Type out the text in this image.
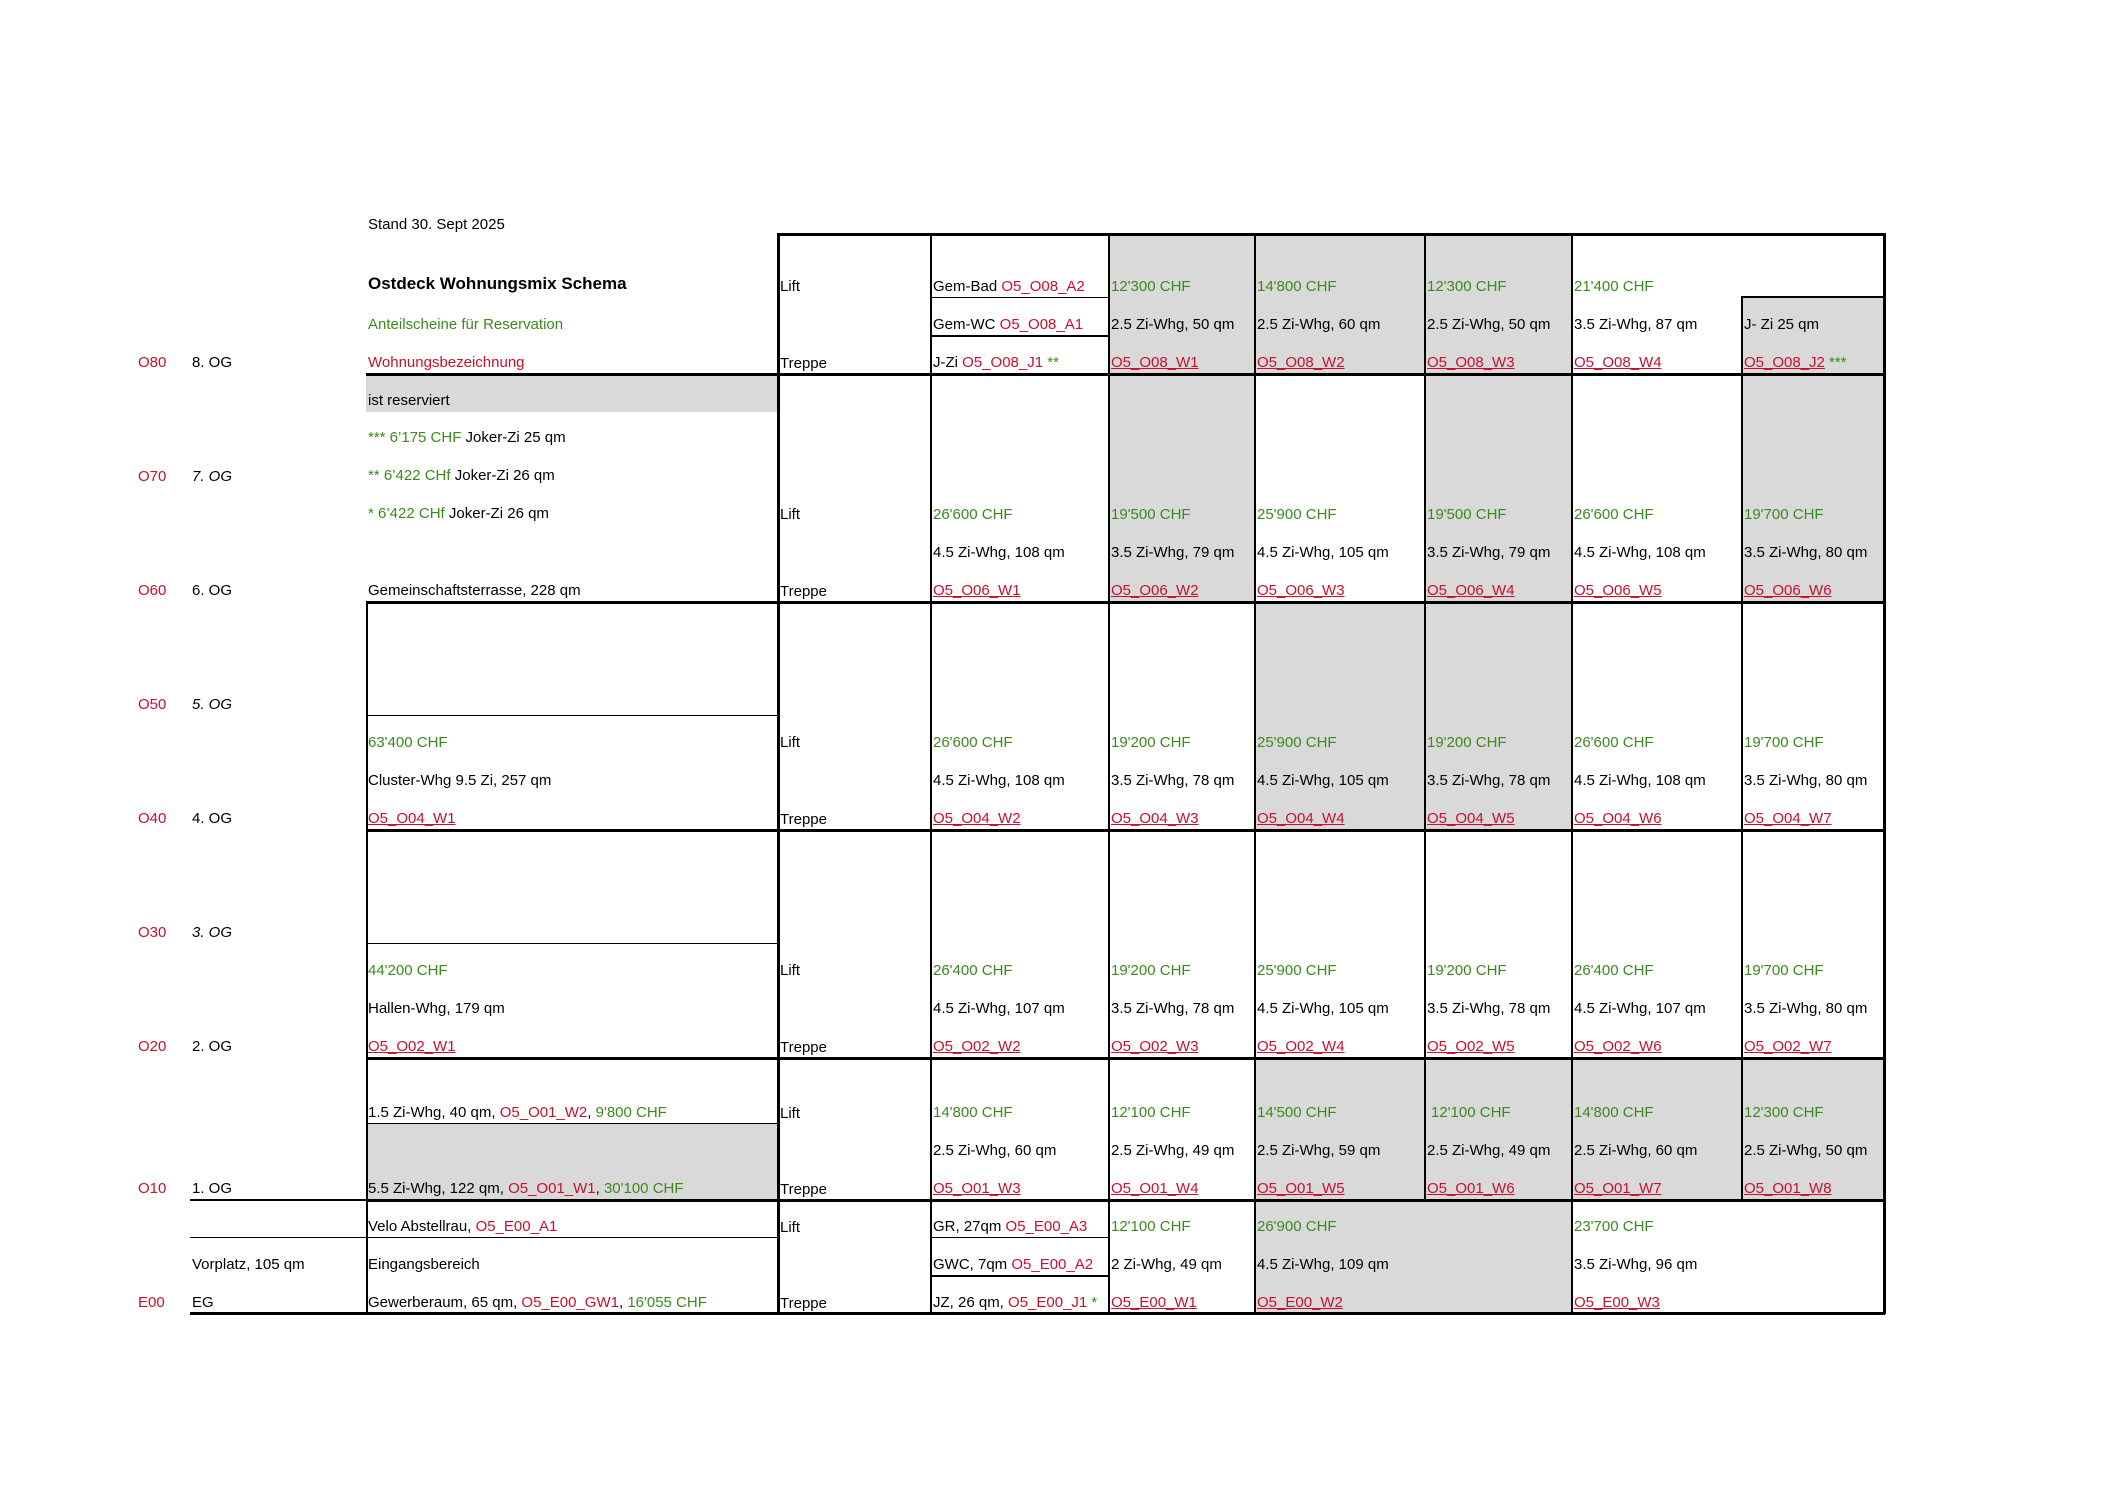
Stand 30. Sept 2025
Ostdeck Wohnungsmix Schema
Anteilscheine für Reservation
Wohnungsbezeichnung
ist reserviert
*** 6’175 CHF Joker-Zi 25 qm
** 6’422 CHf Joker-Zi 26 qm
* 6’422 CHf Joker-Zi 26 qm
Gemeinschaftsterrasse, 228 qm
O80 8. OG
O70 7. OG
O60 6. OG
O50 5. OG
O40 4. OG
O30 3. OG
O20 2. OG
O10 1. OG
E00 EG
Lift
Treppe
Lift
Treppe
Lift
Treppe
Lift
Treppe
Lift
Treppe
Lift
Treppe
Gem-Bad O5_O08_A2
Gem-WC O5_O08_A1
J-Zi O5_O08_J1 **
12'300 CHF
2.5 Zi-Whg, 50 qm
O5_O08_W1
14'800 CHF
2.5 Zi-Whg, 60 qm
O5_O08_W2
12'300 CHF
2.5 Zi-Whg, 50 qm
O5_O08_W3
21'400 CHF
3.5 Zi-Whg, 87 qm
O5_O08_W4
J- Zi 25 qm
O5_O08_J2 ***
26'600 CHF
4.5 Zi-Whg, 108 qm
O5_O06_W1
19'500 CHF
3.5 Zi-Whg, 79 qm
O5_O06_W2
25'900 CHF
4.5 Zi-Whg, 105 qm
O5_O06_W3
19'500 CHF
3.5 Zi-Whg, 79 qm
O5_O06_W4
26'600 CHF
4.5 Zi-Whg, 108 qm
O5_O06_W5
19'700 CHF
3.5 Zi-Whg, 80 qm
O5_O06_W6
63'400 CHF
Cluster-Whg 9.5 Zi, 257 qm
O5_O04_W1
26'600 CHF
4.5 Zi-Whg, 108 qm
O5_O04_W2
19'200 CHF
3.5 Zi-Whg, 78 qm
O5_O04_W3
25'900 CHF
4.5 Zi-Whg, 105 qm
O5_O04_W4
19'200 CHF
3.5 Zi-Whg, 78 qm
O5_O04_W5
26'600 CHF
4.5 Zi-Whg, 108 qm
O5_O04_W6
19'700 CHF
3.5 Zi-Whg, 80 qm
O5_O04_W7
44'200 CHF
Hallen-Whg, 179 qm
O5_O02_W1
26'400 CHF
4.5 Zi-Whg, 107 qm
O5_O02_W2
19'200 CHF
3.5 Zi-Whg, 78 qm
O5_O02_W3
25'900 CHF
4.5 Zi-Whg, 105 qm
O5_O02_W4
19'200 CHF
3.5 Zi-Whg, 78 qm
O5_O02_W5
26'400 CHF
4.5 Zi-Whg, 107 qm
O5_O02_W6
19'700 CHF
3.5 Zi-Whg, 80 qm
O5_O02_W7
1.5 Zi-Whg, 40 qm, O5_O01_W2, 9'800 CHF
5.5 Zi-Whg, 122 qm, O5_O01_W1, 30'100 CHF
14'800 CHF
2.5 Zi-Whg, 60 qm
O5_O01_W3
12'100 CHF
2.5 Zi-Whg, 49 qm
O5_O01_W4
14'500 CHF
2.5 Zi-Whg, 59 qm
O5_O01_W5
12'100 CHF
2.5 Zi-Whg, 49 qm
O5_O01_W6
14'800 CHF
2.5 Zi-Whg, 60 qm
O5_O01_W7
12'300 CHF
2.5 Zi-Whg, 50 qm
O5_O01_W8
Vorplatz, 105 qm
Velo Abstellrau, O5_E00_A1
Eingangsbereich
Gewerberaum, 65 qm, O5_E00_GW1, 16'055 CHF
GR, 27qm O5_E00_A3
GWC, 7qm O5_E00_A2
JZ, 26 qm, O5_E00_J1 *
12'100 CHF
2 Zi-Whg, 49 qm
O5_E00_W1
26'900 CHF
4.5 Zi-Whg, 109 qm
O5_E00_W2
23'700 CHF
3.5 Zi-Whg, 96 qm
O5_E00_W3
